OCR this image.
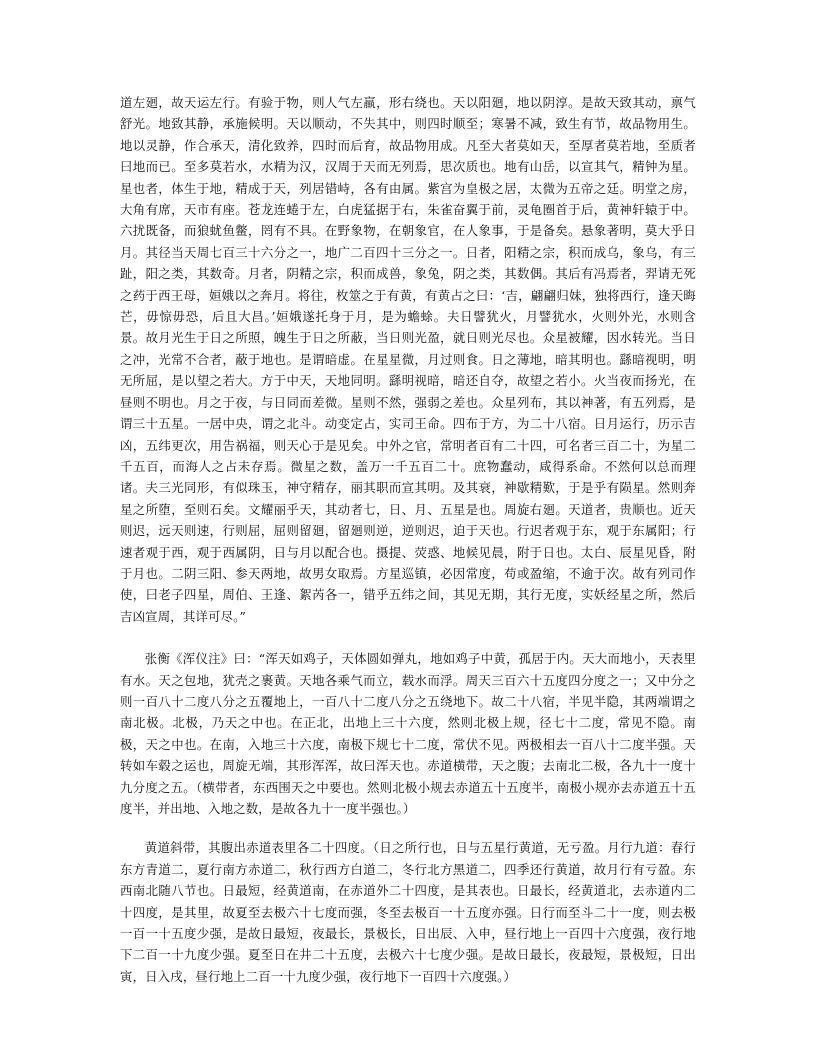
道左廻，故天运左行。有验于物，则人气左羸，形右绕也。天以阳廻，地以阴淳。是故天致其动，禀气舒光。地致其静，承施候明。天以顺动，不失其中，则四时顺至；寒暑不减，致生有节，故品物用生。地以灵静，作合承天，清化致养，四时而后育，故品物用成。凡至大者莫如天，至厚者莫若地，至质者曰地而已。至多莫若水，水精为汉，汉周于天而无列焉，思次质也。地有山岳，以宣其气，精钟为星。星也者，体生于地，精成于天，列居错峙，各有由属。紫宫为皇极之居，太微为五帝之廷。明堂之房，大角有席，天市有座。苍龙连蜷于左，白虎猛据于右，朱雀奋翼于前，灵龟圈首于后，黄神轩辕于中。六扰既备，而狼蚘鱼鳖，罔有不具。在野象物，在朝象官，在人象事，于是备矣。悬象著明，莫大乎日月。其径当天周七百三十六分之一，地广二百四十三分之一。日者，阳精之宗，积而成乌，象乌，有三趾，阳之类，其数奇。月者，阴精之宗，积而成兽，象兔，阴之类，其数偶。其后有冯焉者，羿请无死之药于西王母，姮娥以之奔月。将往，枚筮之于有黄，有黄占之曰：‘吉，翩翩归妹，独将西行，逢天晦芒，毋惊毋恐，后且大昌。’姮娥遂托身于月，是为蟾蜍。夫日譬犹火，月譬犹水，火则外光，水则含景。故月光生于日之所照，魄生于日之所蔽，当日则光盈，就日则光尽也。众星被耀，因水转光。当日之冲，光常不合者，蔽于地也。是谓暗虚。在星星微，月过则食。日之薄地，暗其明也。繇暗视明，明无所屈，是以望之若大。方于中天，天地同明。繇明视暗，暗还自夺，故望之若小。火当夜而扬光，在昼则不明也。月之于夜，与日同而差微。星则不然，强弱之差也。众星列布，其以神著，有五列焉，是谓三十五星。一居中央，谓之北斗。动变定占，实司王命。四布于方，为二十八宿。日月运行，历示吉凶，五纬更次，用告祸福，则天心于是见矣。中外之官，常明者百有二十四，可名者三百二十，为星二千五百，而海人之占未存焉。微星之数，盖万一千五百二十。庶物蠢动，咸得系命。不然何以总而理诸。夫三光同形，有似珠玉，神守精存，丽其职而宣其明。及其衰，神歇精歎，于是乎有陨星。然则奔星之所堕，至则石矣。文耀丽乎天，其动者七，日、月、五星是也。周旋右廻。天道者，贵顺也。近天则迟，远天则速，行则屈，屈则留廻，留廻则逆，逆则迟，迫于天也。行迟者观于东，观于东属阳；行速者观于西，观于西属阴，日与月以配合也。摄提、荧惑、地候见晨，附于日也。太白、辰星见昏，附于月也。二阴三阳、参天两地，故男女取焉。方星巡镇，必因常度，苟或盈缩，不逾于次。故有列司作使，曰老子四星，周伯、王逢、絮芮各一，错乎五纬之间，其见无期，其行无度，实妖经星之所，然后吉凶宣周，其详可尽。”

张衡《浑仪注》曰：“浑天如鸡子，天体圆如弹丸，地如鸡子中黄，孤居于内。天大而地小，天表里有水。天之包地，犹壳之裹黄。天地各乘气而立，载水而浮。周天三百六十五度四分度之一；又中分之则一百八十二度八分之五覆地上，一百八十二度八分之五绕地下。故二十八宿，半见半隐，其两端谓之南北极。北极，乃天之中也。在正北，出地上三十六度，然则北极上规，径七十二度，常见不隐。南极，天之中也。在南，入地三十六度，南极下规七十二度，常伏不见。两极相去一百八十二度半强。天转如车毂之运也，周旋无端，其形浑浑，故曰浑天也。赤道横带，天之腹；去南北二极，各九十一度十九分度之五。（横带者，东西围天之中要也。然则北极小规去赤道五十五度半，南极小规亦去赤道五十五度半，并出地、入地之数，是故各九十一度半强也。）

黄道斜带，其腹出赤道表里各二十四度。（日之所行也，日与五星行黄道，无亏盈。月行九道：春行东方青道二，夏行南方赤道二，秋行西方白道二，冬行北方黑道二，四季还行黄道，故月行有亏盈。东西南北随八节也。日最短，经黄道南，在赤道外二十四度，是其表也。日最长，经黄道北，去赤道内二十四度，是其里，故夏至去极六十七度而强，冬至去极百一十五度亦强。日行而至斗二十一度，则去极一百一十五度少强，是故日最短，夜最长，景极长，日出辰、入申，昼行地上一百四十六度强，夜行地下二百一十九度少强。夏至日在井二十五度，去极六十七度少强。是故日最长，夜最短，景极短，日出寅，日入戌，昼行地上二百一十九度少强，夜行地下一百四十六度强。）
